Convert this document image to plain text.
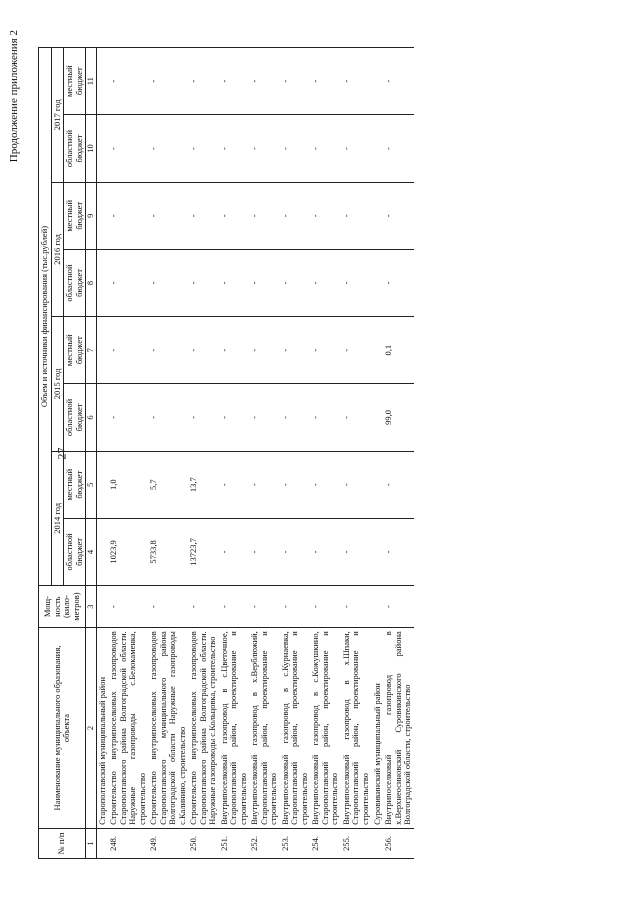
27
Продолжение приложения 2
№ п/п	Наименование муниципального образования, объекта	Мощ-ность (кило-метров)	Объем и источники финансирования (тыс.рублей)							
			2014 год		2015 год		2016 год		2017 год	
			областной бюджет	местный бюджет	областной бюджет	местный бюджет	областной бюджет	местный бюджет	областной бюджет	местный бюджет
1	2	3	4	5	6	7	8	9	10	11
	Старополтавский муниципальный район									
248.	Строительство внутрипоселковых газопроводов Старополтавского района Волгоградской области. Наружные газопроводы с.Белокаменка, строительство	-	1023,9	1,0	-	-	-	-	-	-
249.	Строительство внутрипоселковых газопроводов Старополтавского муниципального района Волгоградской области Наружные газопроводы с.Калинино, строительство	-	5733,8	5,7	-	-	-	-	-	-
250.	Строительство внутрипоселковых газопроводов Старополтавского района Волгоградской области. Наружные газопроводы с.Кольцовка, строительство	-	13723,7	13,7	-	-	-	-	-	-
251.	Внутрипоселковый газопровод в с.Цветочное, Старополтавский район, проектирование и строительство	-	-	-	-	-	-	-	-	-
252.	Внутрипоселковый газопровод в х.Верблюжий, Старополтавский район, проектирование и строительство	-	-	-	-	-	-	-	-	-
253.	Внутрипоселковый газопровод в с.Курнаевка, Старополтавский район, проектирование и строительство	-	-	-	-	-	-	-	-	-
254.	Внутрипоселковый газопровод в с.Кожушкино, Старополтавский район, проектирование и строительство	-	-	-	-	-	-	-	-	-
255.	Внутрипоселковый газопровод в х.Шпаки, Старополтавский район, проектирование и строительство	-	-	-	-	-	-	-	-	-
	Суровикинский муниципальный район									
256.	Внутрипоселковый газопровод в х.Верхнеосиновский Суровикинского района Волгоградской области, строительство	-	-	-	99,0	0,1	-	-	-	-
